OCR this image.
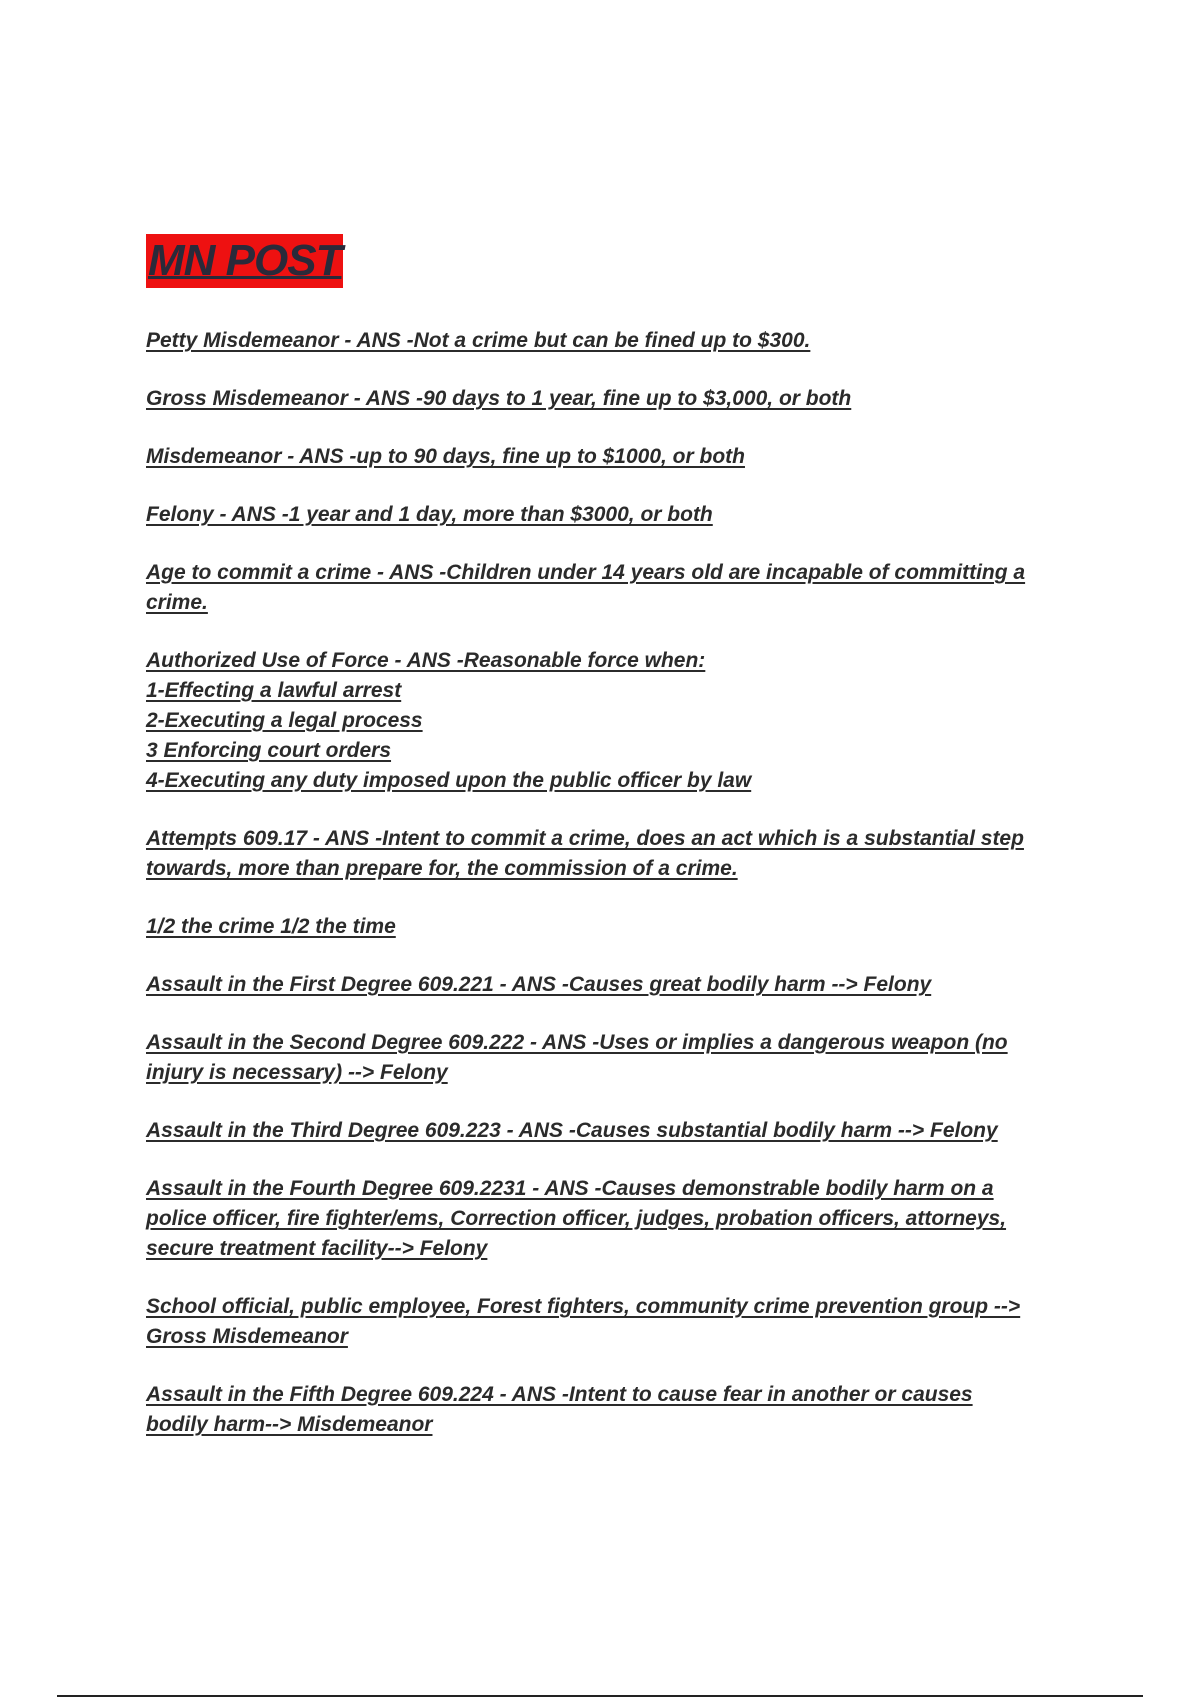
MN POST
Petty Misdemeanor - ANS -Not a crime but can be fined up to $300.
Gross Misdemeanor - ANS -90 days to 1 year, fine up to $3,000, or both
Misdemeanor - ANS -up to 90 days, fine up to $1000, or both
Felony - ANS -1 year and 1 day, more than $3000, or both
Age to commit a crime - ANS -Children under 14 years old are incapable of committing a
crime.
Authorized Use of Force - ANS -Reasonable force when:
1-Effecting a lawful arrest
2-Executing a legal process
3 Enforcing court orders
4-Executing any duty imposed upon the public officer by law
Attempts 609.17 - ANS -Intent to commit a crime, does an act which is a substantial step
towards, more than prepare for, the commission of a crime.
1/2 the crime 1/2 the time
Assault in the First Degree 609.221 - ANS -Causes great bodily harm --> Felony
Assault in the Second Degree 609.222 - ANS -Uses or implies a dangerous weapon (no
injury is necessary) --> Felony
Assault in the Third Degree 609.223 - ANS -Causes substantial bodily harm --> Felony
Assault in the Fourth Degree 609.2231 - ANS -Causes demonstrable bodily harm on a
police officer, fire fighter/ems, Correction officer, judges, probation officers, attorneys,
secure treatment facility--> Felony
School official, public employee, Forest fighters, community crime prevention group -->
Gross Misdemeanor
Assault in the Fifth Degree 609.224 - ANS -Intent to cause fear in another or causes
bodily harm--> Misdemeanor
